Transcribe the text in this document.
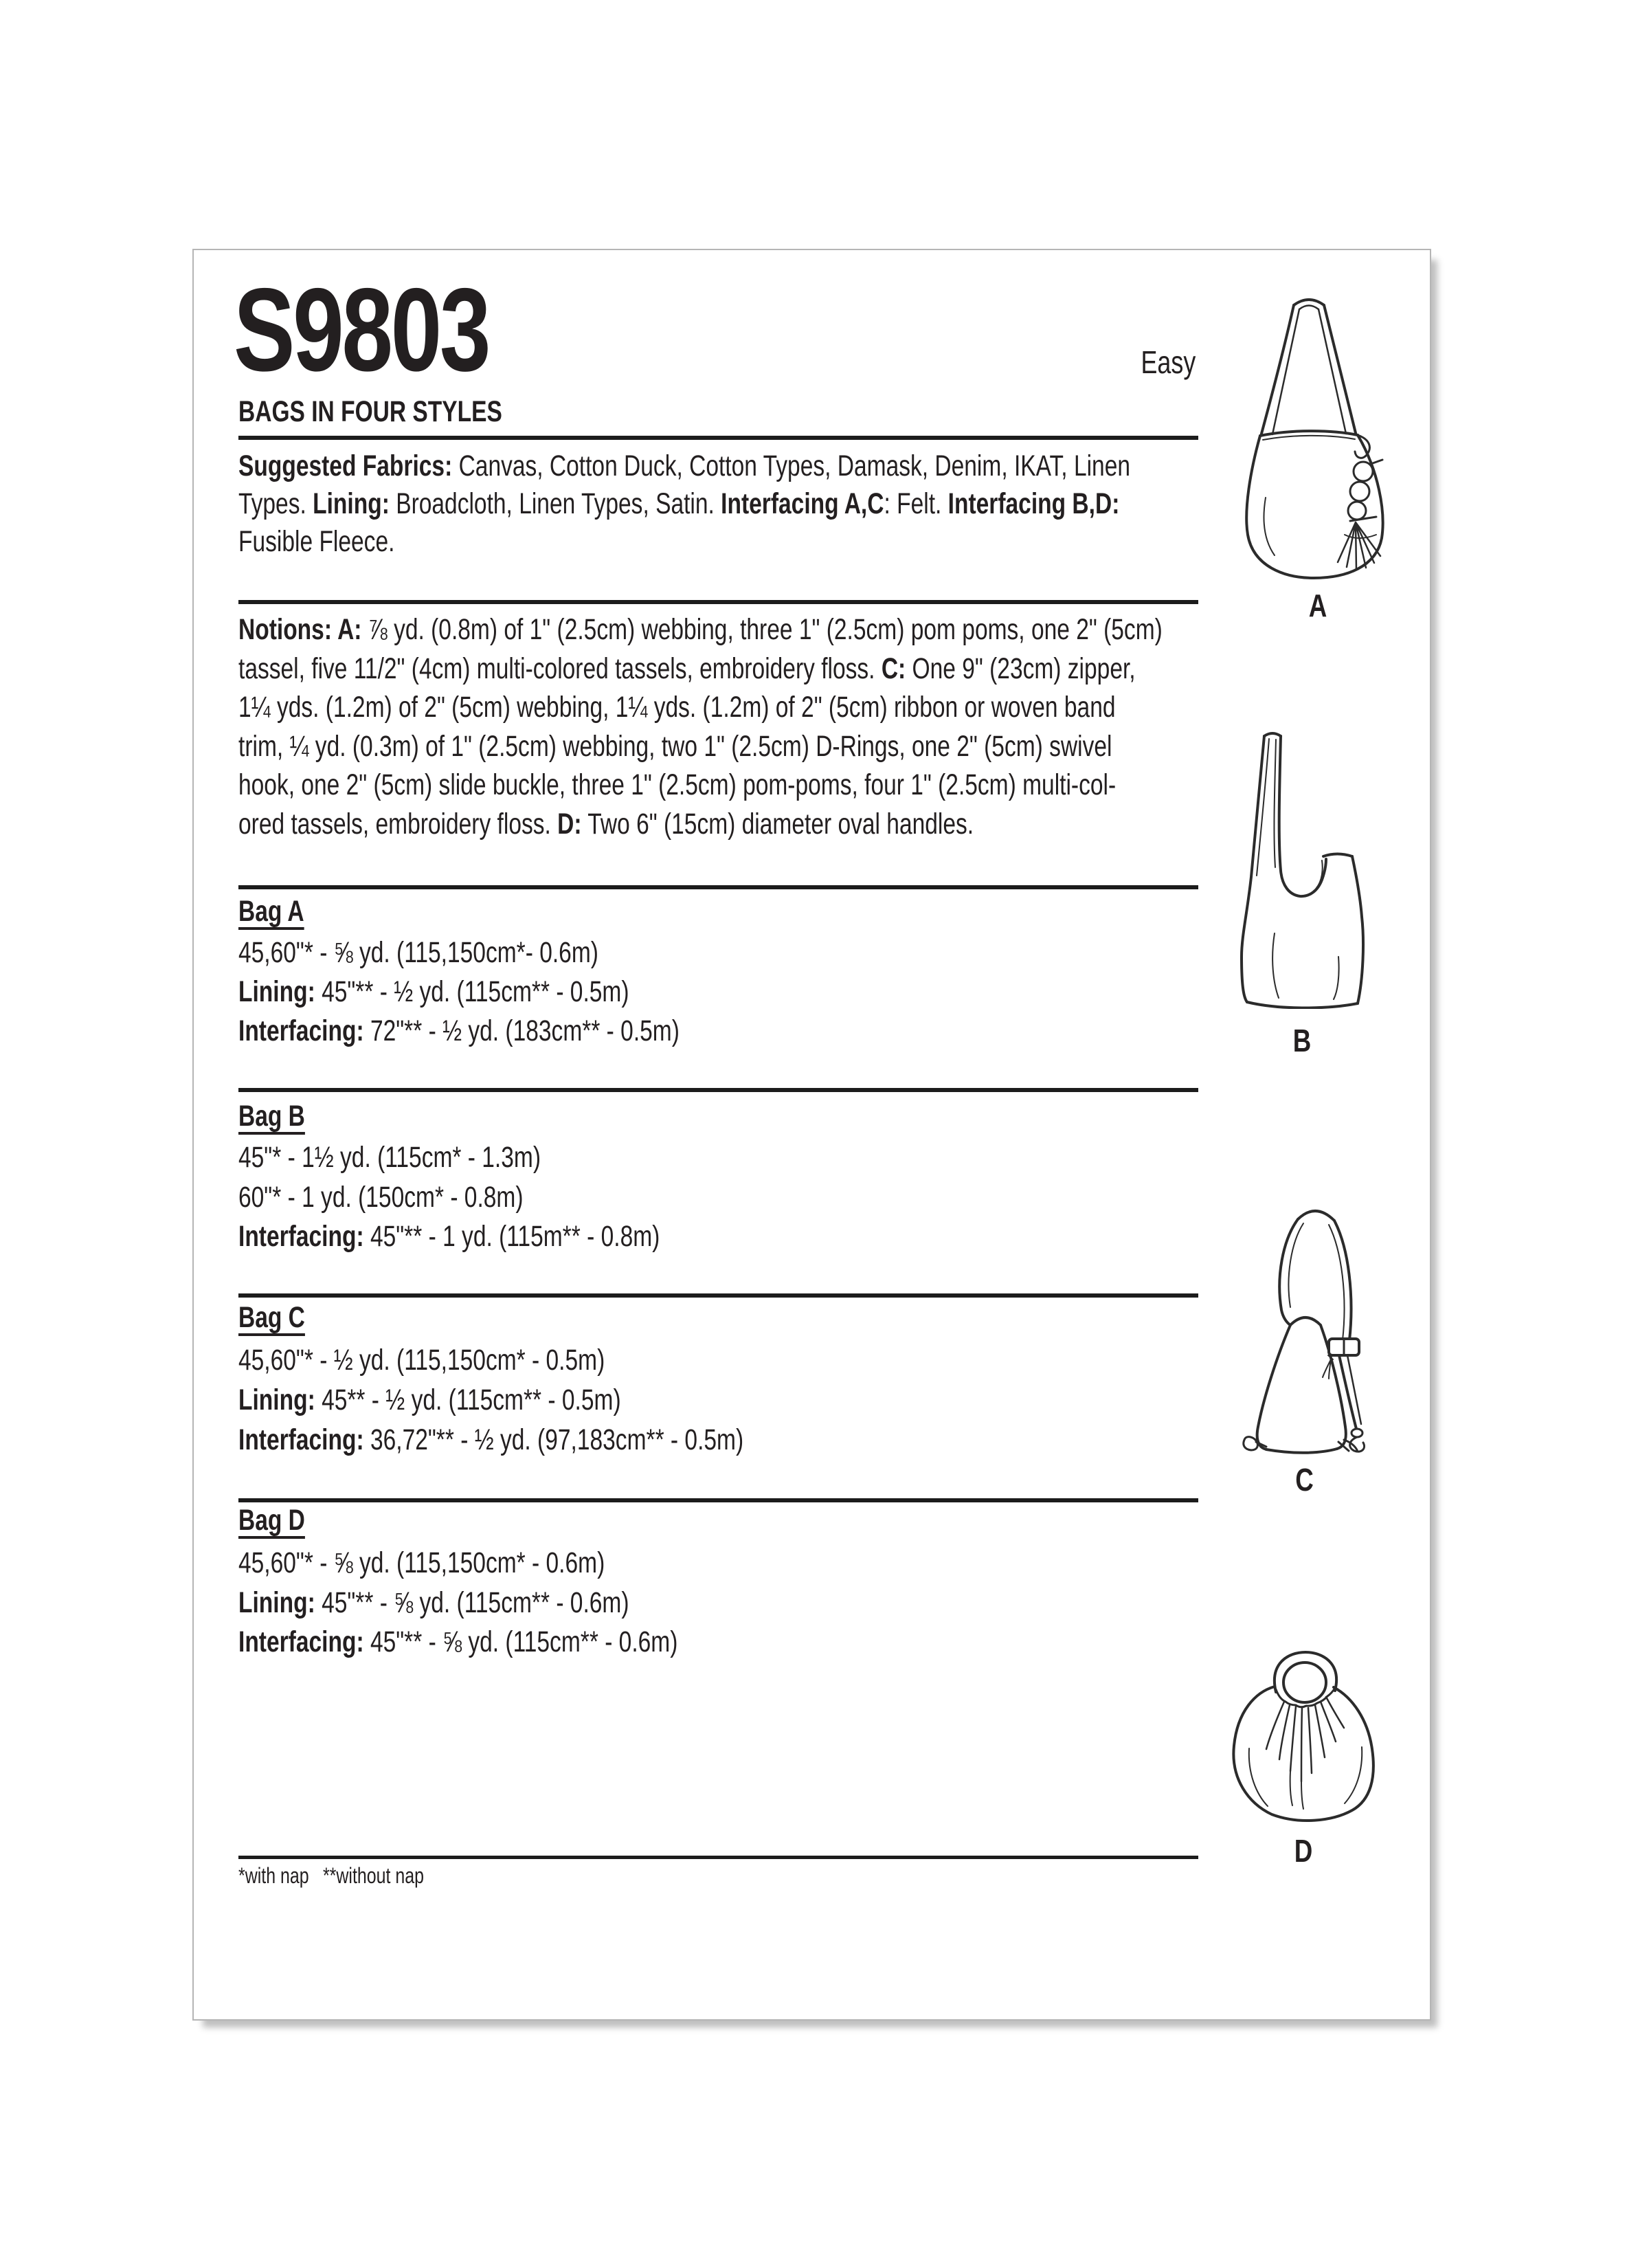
S9803	Easy
BAGS IN FOUR STYLES
Suggested Fabrics: Canvas, Cotton Duck, Cotton Types, Damask, Denim, IKAT, Linen
Types. Lining: Broadcloth, Linen Types, Satin. Interfacing A,C: Felt. Interfacing B,D:
Fusible Fleece.
Notions: A: ⅞ yd. (0.8m) of 1" (2.5cm) webbing, three 1" (2.5cm) pom poms, one 2" (5cm)
tassel, five 11/2" (4cm) multi-colored tassels, embroidery floss. C: One 9" (23cm) zipper,
1¼ yds. (1.2m) of 2" (5cm) webbing, 1¼ yds. (1.2m) of 2" (5cm) ribbon or woven band
trim, ¼ yd. (0.3m) of 1" (2.5cm) webbing, two 1" (2.5cm) D-Rings, one 2" (5cm) swivel
hook, one 2" (5cm) slide buckle, three 1" (2.5cm) pom-poms, four 1" (2.5cm) multi-col-
ored tassels, embroidery floss. D: Two 6" (15cm) diameter oval handles.
Bag A
45,60"* - ⅝ yd. (115,150cm*- 0.6m)
Lining: 45"** - ½ yd. (115cm** - 0.5m)
Interfacing: 72"** - ½ yd. (183cm** - 0.5m)
Bag B
45"* - 1½ yd. (115cm* - 1.3m)
60"* - 1 yd. (150cm* - 0.8m)
Interfacing: 45"** - 1 yd. (115m** - 0.8m)
Bag C
45,60"* - ½ yd. (115,150cm* - 0.5m)
Lining: 45** - ½ yd. (115cm** - 0.5m)
Interfacing: 36,72"** - ½ yd. (97,183cm** - 0.5m)
Bag D
45,60"* - ⅝ yd. (115,150cm* - 0.6m)
Lining: 45"** - ⅝ yd. (115cm** - 0.6m)
Interfacing: 45"** - ⅝ yd. (115cm** - 0.6m)
*with nap **without nap
A
B
C
D
